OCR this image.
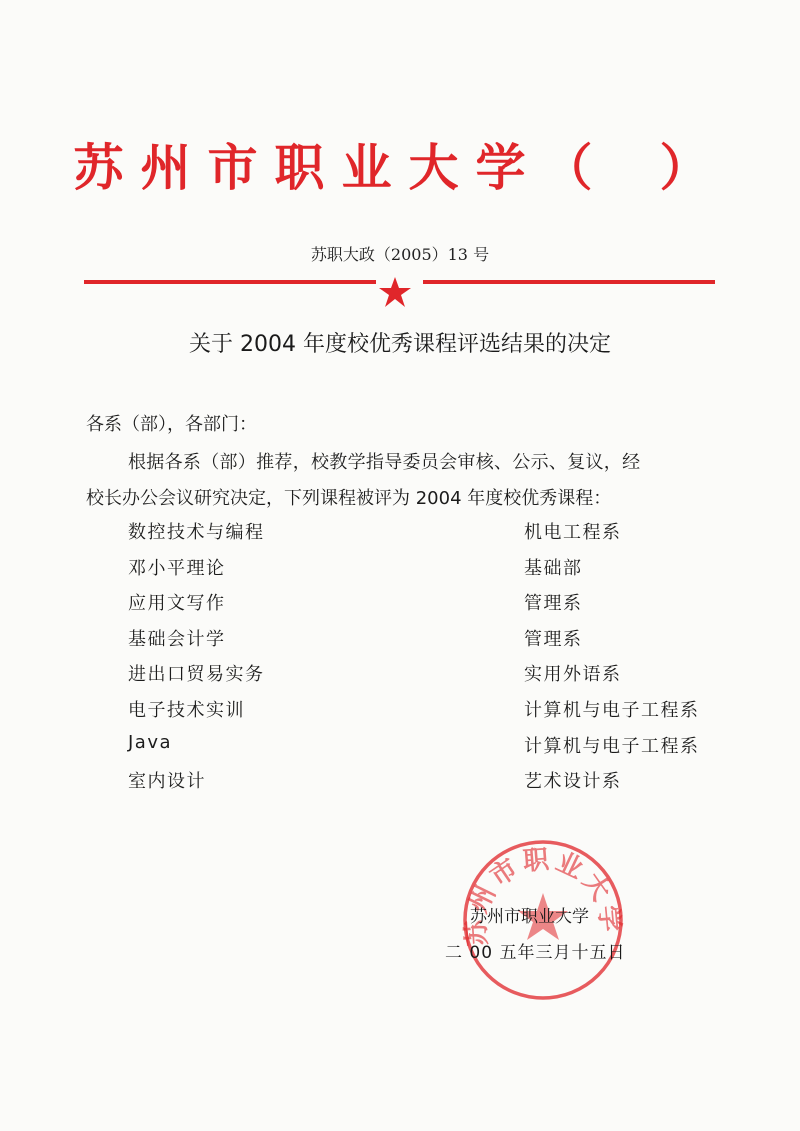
苏州市职业大学（  ）
苏职大政（2005）13 号
关于 2004 年度校优秀课程评选结果的决定
各系（部），各部门：
根据各系（部）推荐，校教学指导委员会审核、公示、复议，经
校长办公会议研究决定，下列课程被评为 2004 年度校优秀课程：
数控技术与编程	机电工程系
邓小平理论	基础部
应用文写作	管理系
基础会计学	管理系
进出口贸易实务	实用外语系
电子技术实训	计算机与电子工程系
Java	计算机与电子工程系
室内设计	艺术设计系
苏州市职业大学
苏州市职业大学
二 00 五年三月十五日
